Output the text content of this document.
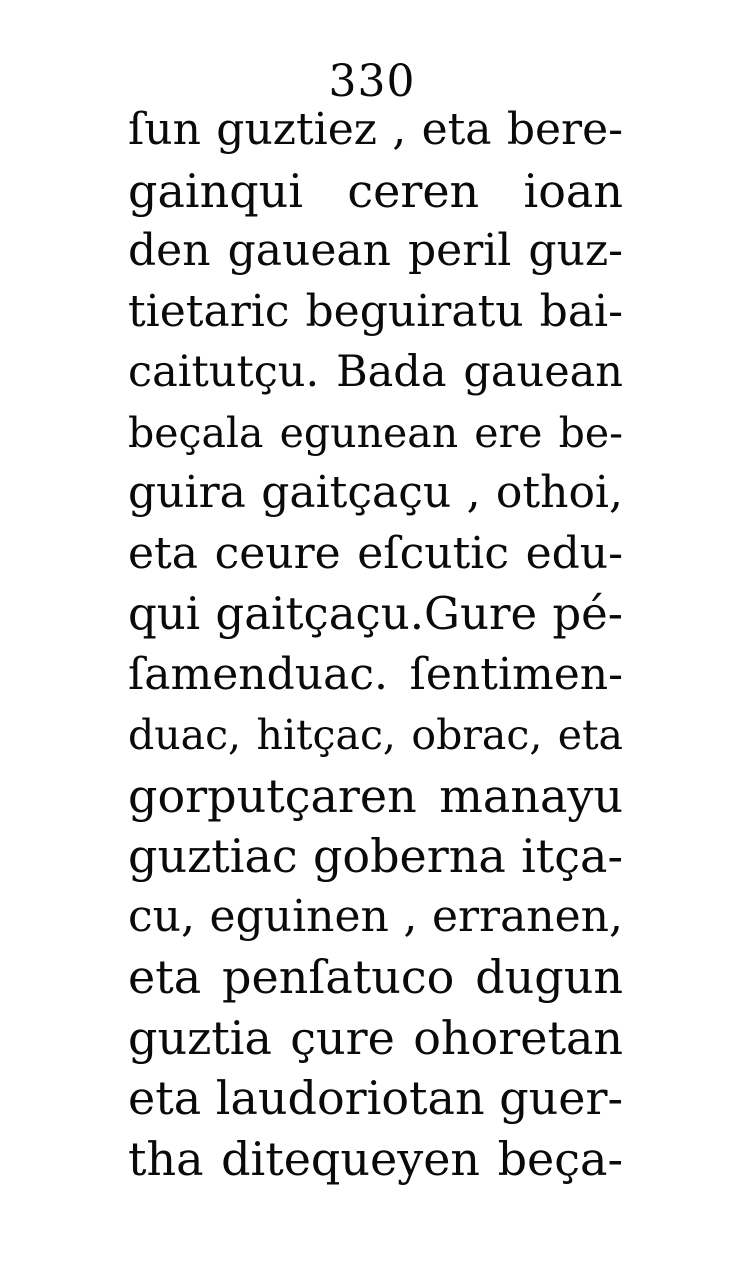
330
ſun guztiez , eta bere-
gainqui ceren ioan
den gauean peril guz-
tietaric beguiratu bai-
caitutçu. Bada gauean
beçala egunean ere be-
guira gaitçaçu , othoi,
eta ceure eſcutic edu-
qui gaitçaçu.Gure pé-
ſamenduac. ſentimen-
duac, hitçac, obrac, eta
gorputçaren manayu
guztiac goberna itça-
cu, eguinen , erranen,
eta penſatuco dugun
guztia çure ohoretan
eta laudoriotan guer-
tha ditequeyen beça-
